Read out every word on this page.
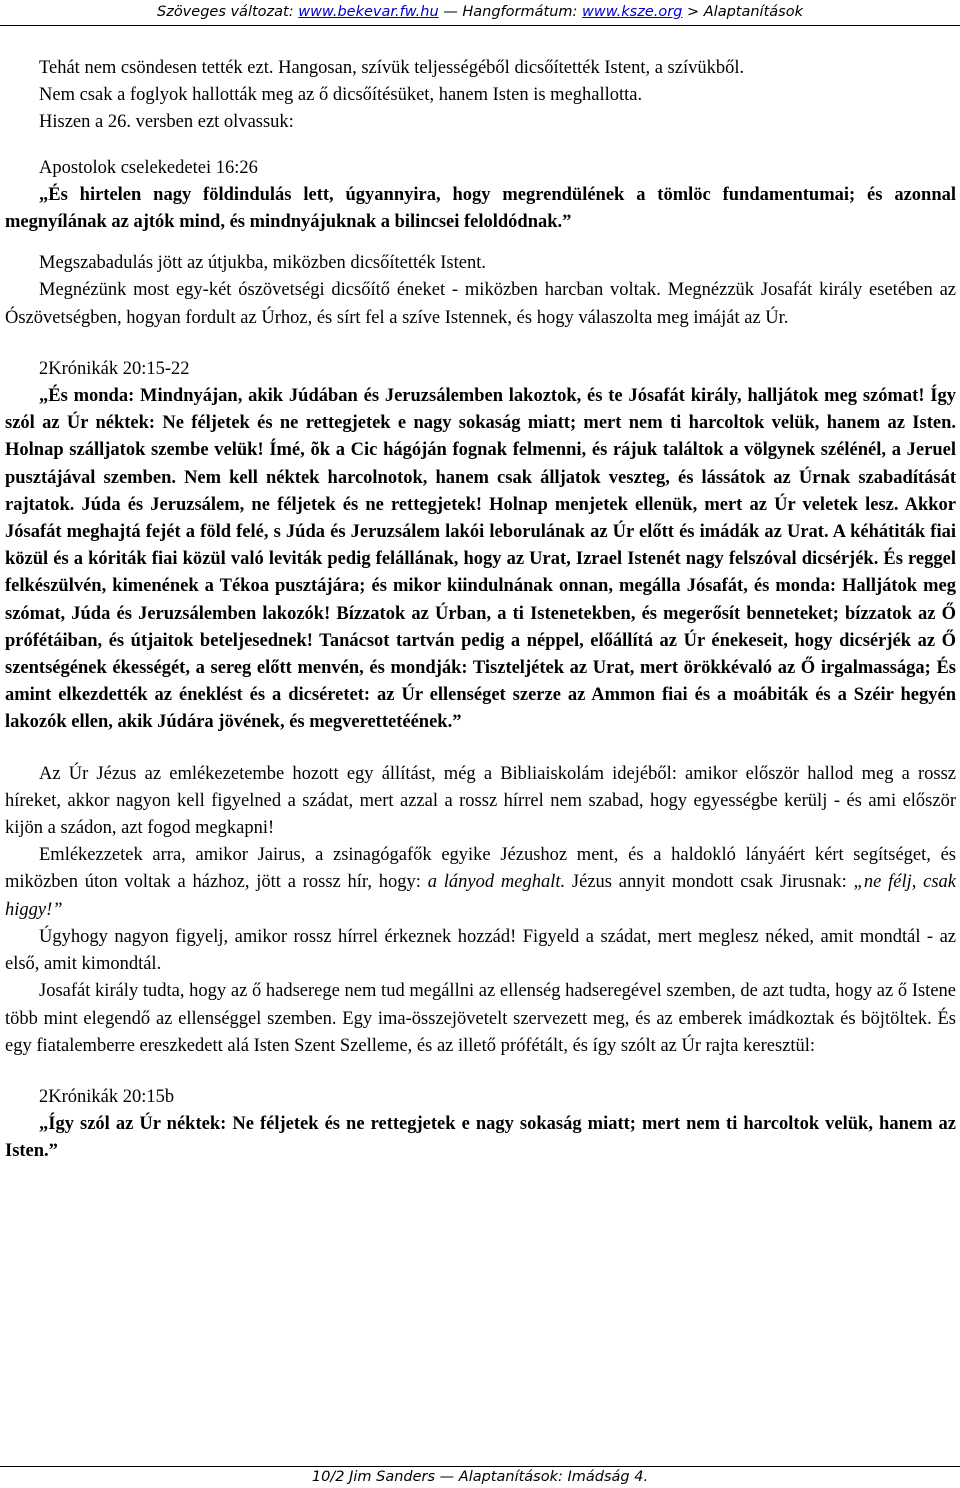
Szöveges változat: www.bekevar.fw.hu — Hangformátum: www.ksze.org > Alaptanítások

Tehát nem csöndesen tették ezt. Hangosan, szívük teljességéből dicsőítették Istent, a szívükből.

Nem csak a foglyok hallották meg az ő dicsőítésüket, hanem Isten is meghallotta.

Hiszen a 26. versben ezt olvassuk:

Apostolok cselekedetei 16:26

„És hirtelen nagy földindulás lett, úgyannyira, hogy megrendülének a tömlöc fundamentumai; és azonnal megnyílának az ajtók mind, és mindnyájuknak a bilincsei feloldódnak.”

Megszabadulás jött az útjukba, miközben dicsőítették Istent.

Megnézünk most egy-két ószövetségi dicsőítő éneket - miközben harcban voltak. Megnézzük Josafát király esetében az Ószövetségben, hogyan fordult az Úrhoz, és sírt fel a szíve Istennek, és hogy válaszolta meg imáját az Úr.

2Krónikák 20:15-22

„És monda: Mindnyájan, akik Júdában és Jeruzsálemben lakoztok, és te Jósafát király, halljátok meg szómat! Így szól az Úr néktek: Ne féljetek és ne rettegjetek e nagy sokaság miatt; mert nem ti harcoltok velük, hanem az Isten. Holnap szálljatok szembe velük! Ímé, õk a Cic hágóján fognak felmenni, és rájuk találtok a völgynek szélénél, a Jeruel pusztájával szemben. Nem kell néktek harcolnotok, hanem csak álljatok veszteg, és lássátok az Úrnak szabadítását rajtatok. Júda és Jeruzsálem, ne féljetek és ne rettegjetek! Holnap menjetek ellenük, mert az Úr veletek lesz. Akkor Jósafát meghajtá fejét a föld felé, s Júda és Jeruzsálem lakói leborulának az Úr előtt és imádák az Urat. A kéhátiták fiai közül és a kóriták fiai közül való leviták pedig felállának, hogy az Urat, Izrael Istenét nagy felszóval dicsérjék. És reggel felkészülvén, kimenének a Tékoa pusztájára; és mikor kiindulnának onnan, megálla Jósafát, és monda: Halljátok meg szómat, Júda és Jeruzsálemben lakozók! Bízzatok az Úrban, a ti Istenetekben, és megerősít benneteket; bízzatok az Ő prófétáiban, és útjaitok beteljesednek! Tanácsot tartván pedig a néppel, előállítá az Úr énekeseit, hogy dicsérjék az Ő szentségének ékességét, a sereg előtt menvén, és mondják: Tiszteljétek az Urat, mert örökkévaló az Ő irgalmassága; És amint elkezdették az éneklést és a dicséretet: az Úr ellenséget szerze az Ammon fiai és a moábiták és a Széir hegyén lakozók ellen, akik Júdára jövének, és megverettetéének.”

Az Úr Jézus az emlékezetembe hozott egy állítást, még a Bibliaiskolám idejéből: amikor először hallod meg a rossz híreket, akkor nagyon kell figyelned a szádat, mert azzal a rossz hírrel nem szabad, hogy egyességbe kerülj - és ami először kijön a szádon, azt fogod megkapni!

Emlékezzetek arra, amikor Jairus, a zsinagógafők egyike Jézushoz ment, és a haldokló lányáért kért segítséget, és miközben úton voltak a házhoz, jött a rossz hír, hogy: a lányod meghalt. Jézus annyit mondott csak Jirusnak: „ne félj, csak higgy!”

Úgyhogy nagyon figyelj, amikor rossz hírrel érkeznek hozzád! Figyeld a szádat, mert meglesz néked, amit mondtál - az első, amit kimondtál.

Josafát király tudta, hogy az ő hadserege nem tud megállni az ellenség hadseregével szemben, de azt tudta, hogy az ő Istene több mint elegendő az ellenséggel szemben. Egy ima-összejövetelt szervezett meg, és az emberek imádkoztak és böjtöltek. És egy fiatalemberre ereszkedett alá Isten Szent Szelleme, és az illető prófétált, és így szólt az Úr rajta keresztül:

2Krónikák 20:15b

„Így szól az Úr néktek: Ne féljetek és ne rettegjetek e nagy sokaság miatt; mert nem ti harcoltok velük, hanem az Isten.”

10/2 Jim Sanders — Alaptanítások: Imádság 4.
